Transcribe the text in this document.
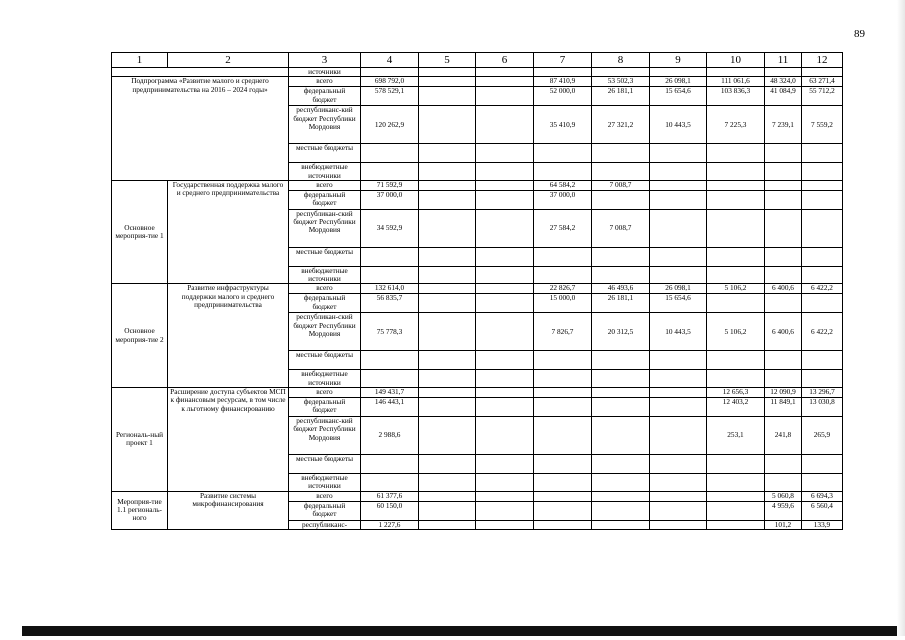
89
1	2	3	4	5	6	7	8	9	10	11	12
		источники									
Подпрограмма «Развитие малого и среднего предпринимательства на 2016 – 2024 годы»		всего	698 792,0			87 410,9	53 502,3	26 098,1	111 061,6	48 324,0	63 271,4
		федеральный бюджет	578 529,1			52 000,0	26 181,1	15 654,6	103 836,3	41 084,9	55 712,2
		республиканс-кий бюджет Республики Мордовия	120 262,9			35 410,9	27 321,2	10 443,5	7 225,3	7 239,1	7 559,2
		местные бюджеты									
		внебюджетные источники									
Основное мероприя-тие 1	Государственная поддержка малого и среднего предпринимательства	всего	71 592,9			64 584,2	7 008,7				
		федеральный бюджет	37 000,0			37 000,0					
		республикан-ский бюджет Республики Мордовия	34 592,9			27 584,2	7 008,7				
		местные бюджеты									
		внебюджетные источники									
Основное мероприя-тие 2	Развитие инфраструктуры поддержки малого и среднего предпринимательства	всего	132 614,0			22 826,7	46 493,6	26 098,1	5 106,2	6 400,6	6 422,2
		федеральный бюджет	56 835,7			15 000,0	26 181,1	15 654,6			
		республикан-ский бюджет Республики Мордовия	75 778,3			7 826,7	20 312,5	10 443,5	5 106,2	6 400,6	6 422,2
		местные бюджеты									
		внебюджетные источники									
Региональ-ный проект 1	Расширение доступа субъектов МСП к финансовым ресурсам, в том числе к льготному финансированию	всего	149 431,7						12 656,3	12 090,9	13 296,7
		федеральный бюджет	146 443,1						12 403,2	11 849,1	13 030,8
		республиканс-кий бюджет Республики Мордовия	2 988,6						253,1	241,8	265,9
		местные бюджеты									
		внебюджетные источники									
Мероприя-тие 1.1 региональ-ного	Развитие системы микрофинансирования	всего	61 377,6							5 060,8	6 694,3
		федеральный бюджет	60 150,0							4 959,6	6 560,4
		республиканс-	1 227,6							101,2	133,9
